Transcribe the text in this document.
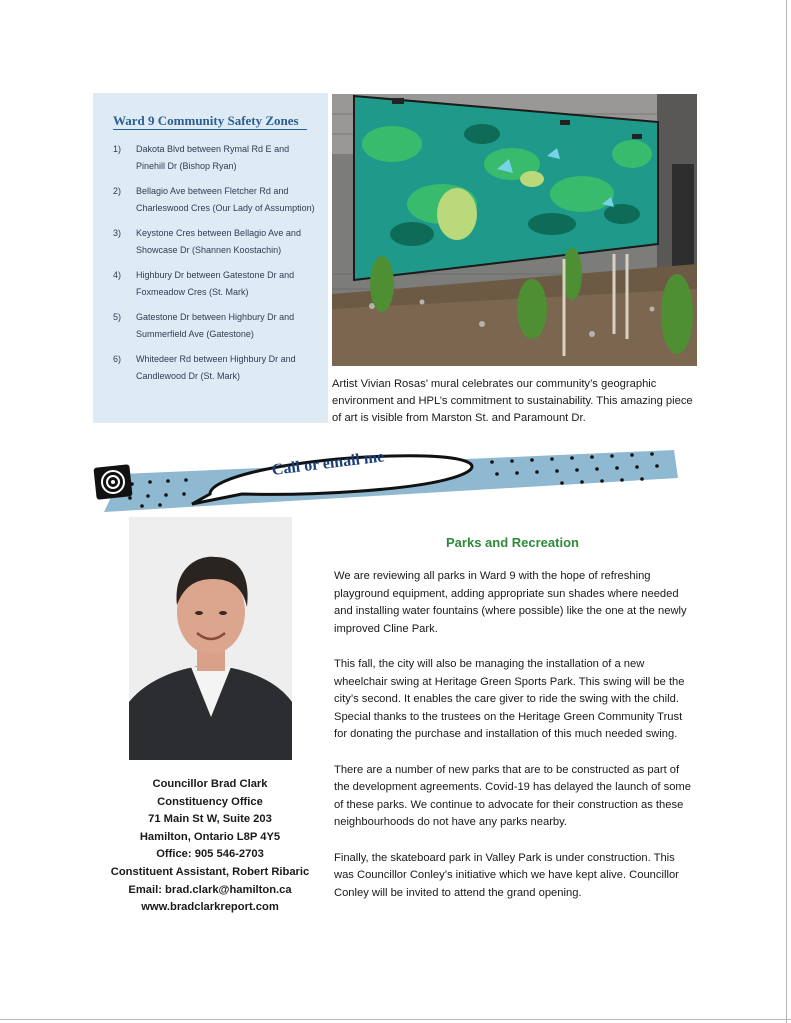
Ward 9 Community Safety Zones
1) Dakota Blvd between Rymal Rd E and Pinehill Dr (Bishop Ryan)
2) Bellagio Ave between Fletcher Rd and Charleswood Cres (Our Lady of Assumption)
3) Keystone Cres between Bellagio Ave and Showcase Dr (Shannen Koostachin)
4) Highbury Dr between Gatestone Dr and Foxmeadow Cres (St. Mark)
5) Gatestone Dr between Highbury Dr and Summerfield Ave (Gatestone)
6) Whitedeer Rd between Highbury Dr and Candlewood Dr (St. Mark)

Artist Vivian Rosas’ mural celebrates our community’s geographic environment and HPL’s commitment to sustainability. This amazing piece of art is visible from Marston St. and Paramount Dr.

Call or email me
Councillor Brad Clark
Constituency Office
71 Main St W, Suite 203
Hamilton, Ontario L8P 4Y5
Office: 905 546-2703
Constituent Assistant, Robert Ribaric
Email: brad.clark@hamilton.ca
www.bradclarkreport.com
Parks and Recreation

We are reviewing all parks in Ward 9 with the hope of refreshing playground equipment, adding appropriate sun shades where needed and installing water fountains (where possible) like the one at the newly improved Cline Park.

This fall, the city will also be managing the installation of a new wheelchair swing at Heritage Green Sports Park. This swing will be the city’s second. It enables the care giver to ride the swing with the child. Special thanks to the trustees on the Heritage Green Community Trust for donating the purchase and installation of this much needed swing.

There are a number of new parks that are to be constructed as part of the development agreements. Covid-19 has delayed the launch of some of these parks. We continue to advocate for their construction as these neighbourhoods do not have any parks nearby.

Finally, the skateboard park in Valley Park is under construction. This was Councillor Conley’s initiative which we have kept alive. Councillor Conley will be invited to attend the grand opening.
